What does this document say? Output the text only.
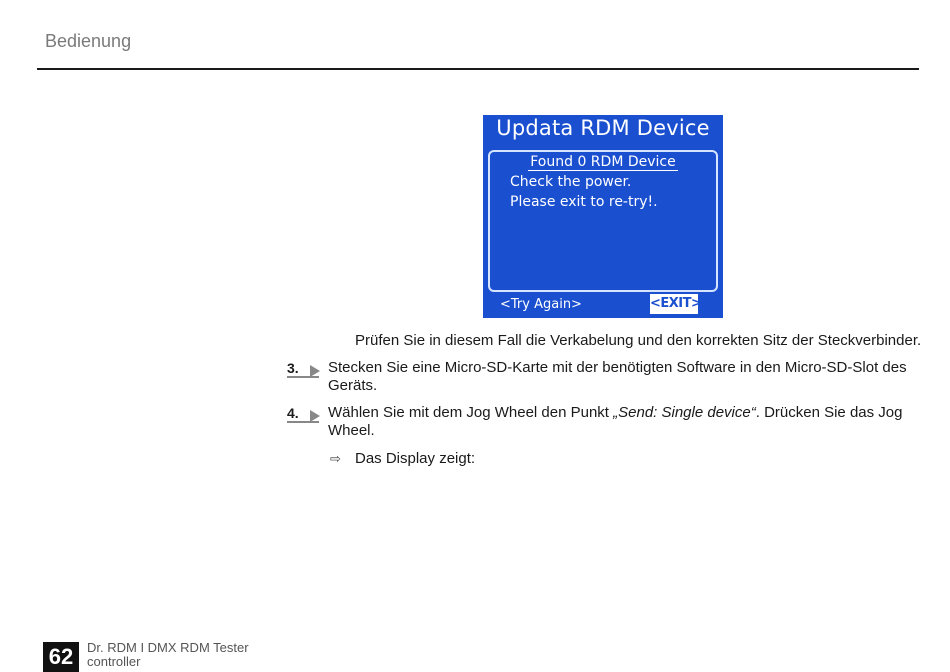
Bedienung
Updata RDM Device
Found 0 RDM Device
Check the power.
Please exit to re-try!.
<Try Again>	<EXIT>
Prüfen Sie in diesem Fall die Verkabelung und den korrekten Sitz der Steckverbinder.
3. Stecken Sie eine Micro-SD-Karte mit der benötigten Software in den Micro-SD-Slot des
Geräts.
4. Wählen Sie mit dem Jog Wheel den Punkt „Send: Single device“. Drücken Sie das Jog
Wheel.
⇨ Das Display zeigt:
62	Dr. RDM I DMX RDM Tester
controller
